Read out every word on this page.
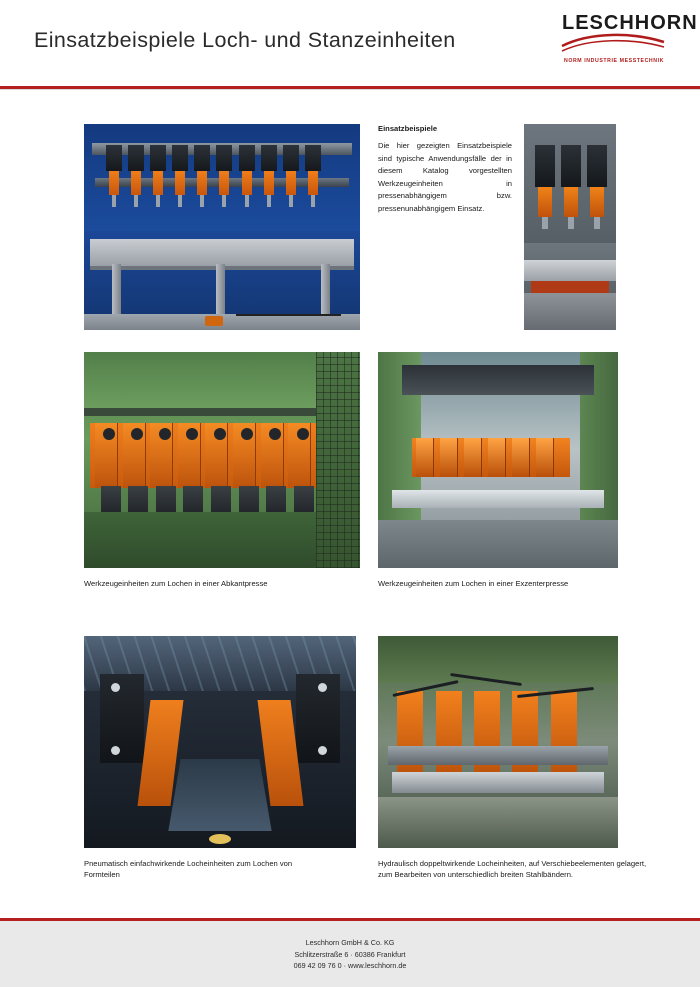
Einsatzbeispiele Loch- und Stanzeinheiten
LESCHHORN
NORM INDUSTRIE MESSTECHNIK
Einsatzbeispiele

Die hier gezeigten Einsatzbeispiele sind typische Anwendungsfälle der in diesem Katalog vorgestellten Werkzeugeinheiten in pressenabhängigem bzw. pressenunabhängigem Einsatz.

Werkzeugeinheiten zum Lochen in einer Abkantpresse	Werkzeugeinheiten zum Lochen in einer Exzenterpresse
Pneumatisch einfachwirkende Locheinheiten zum Lochen von Formteilen
Hydraulisch doppeltwirkende Locheinheiten, auf Verschiebeelementen gelagert, zum Bearbeiten von unterschiedlich breiten Stahlbändern.
Leschhorn GmbH & Co. KG
Schlitzerstraße 6 · 60386 Frankfurt
069 42 09 76 0 · www.leschhorn.de
